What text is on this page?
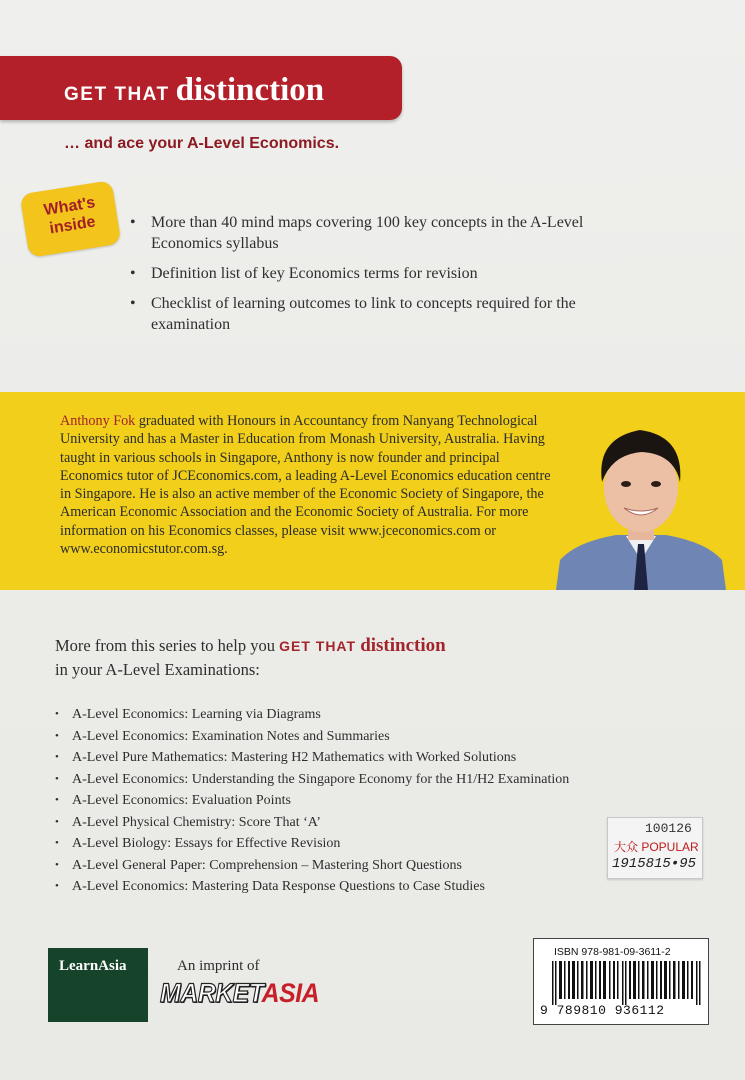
GET THAT distinction
… and ace your A-Level Economics.
What's
inside
•	More than 40 mind maps covering 100 key concepts in the A-Level Economics syllabus
• Definition list of key Economics terms for revision
• Checklist of learning outcomes to link to concepts required for the examination
Anthony Fok graduated with Honours in Accountancy from Nanyang Technological University and has a Master in Education from Monash University, Australia. Having taught in various schools in Singapore, Anthony is now founder and principal Economics tutor of JCEconomics.com, a leading A-Level Economics education centre in Singapore. He is also an active member of the Economic Society of Singapore, the American Economic Association and the Economic Society of Australia. For more information on his Economics classes, please visit www.jceconomics.com or www.economicstutor.com.sg.
More from this series to help you GET THAT distinction
in your A-Level Examinations:
• A-Level Economics: Learning via Diagrams
• A-Level Economics: Examination Notes and Summaries
• A-Level Pure Mathematics: Mastering H2 Mathematics with Worked Solutions
• A-Level Economics: Understanding the Singapore Economy for the H1/H2 Examination
• A-Level Economics: Evaluation Points
• A-Level Physical Chemistry: Score That ‘A’
• A-Level Biology: Essays for Effective Revision
• A-Level General Paper: Comprehension – Mastering Short Questions
• A-Level Economics: Mastering Data Response Questions to Case Studies
100126
大众 POPULAR
1915815•95
LearnAsia	An imprint of
MARKETASIA
ISBN 978-981-09-3611-2
9 789810 936112
